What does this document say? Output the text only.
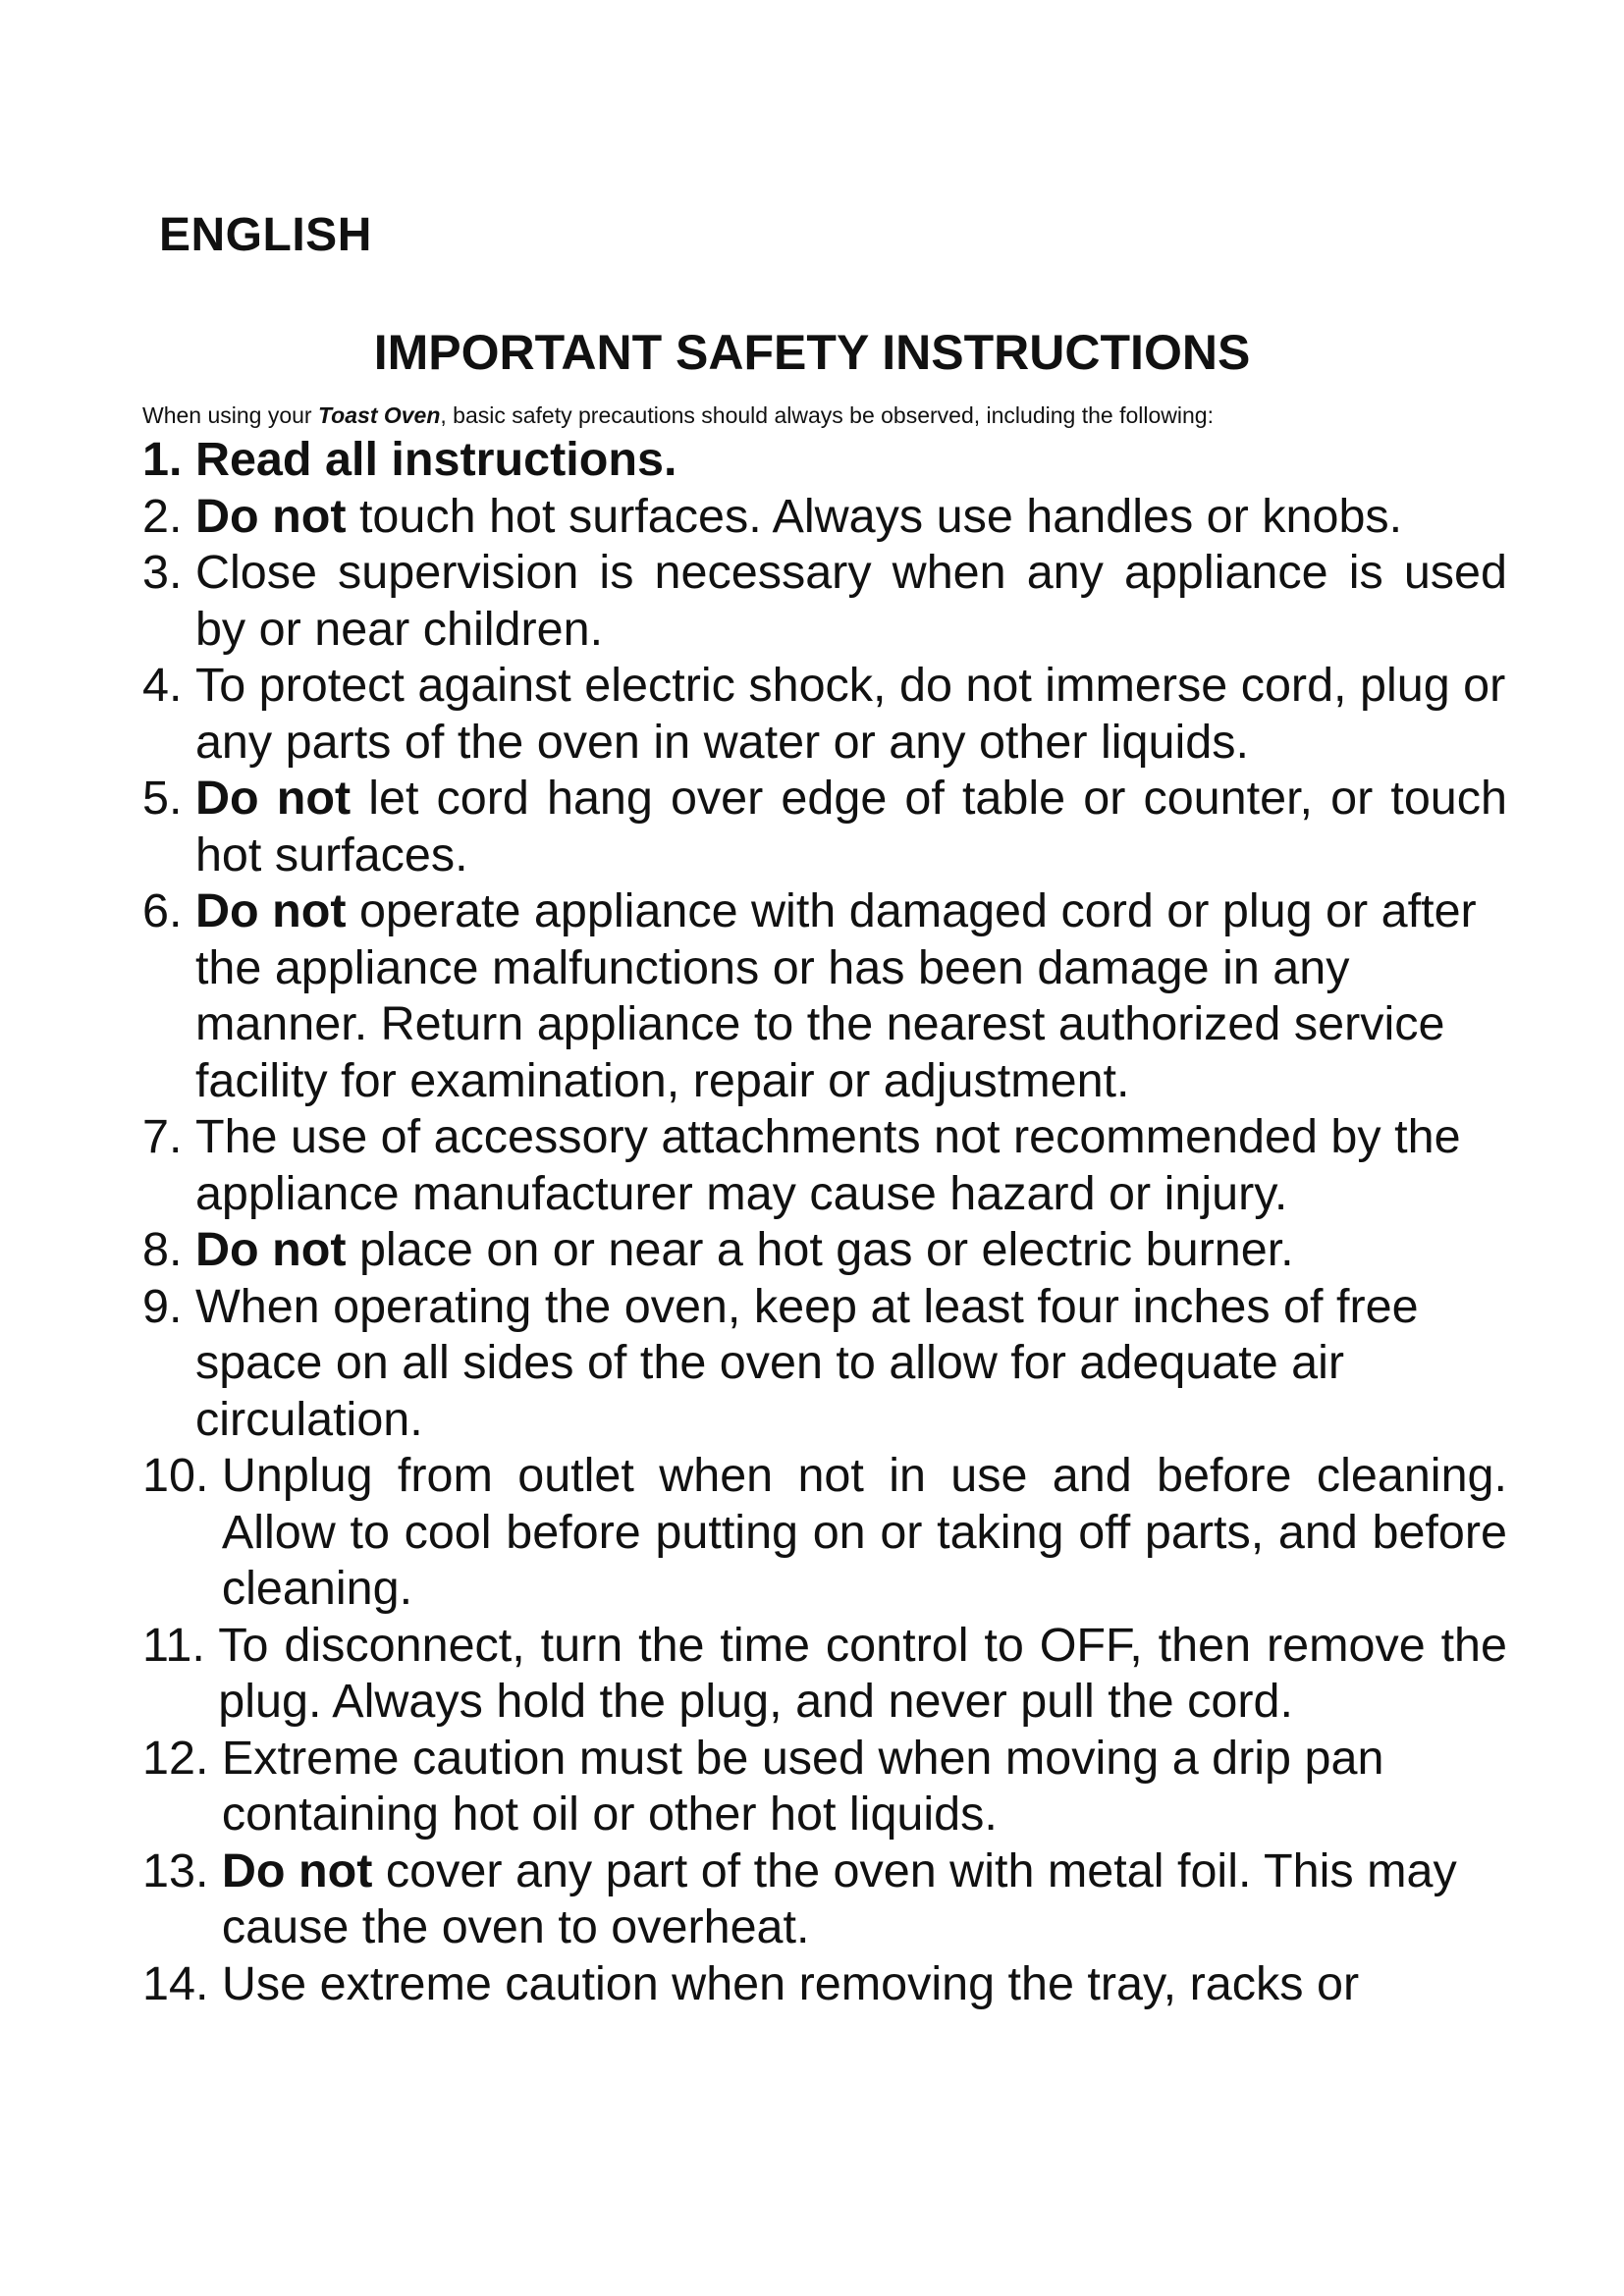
ENGLISH
IMPORTANT SAFETY INSTRUCTIONS

When using your Toast Oven, basic safety precautions should always be observed, including the following:

1. Read all instructions.
2. Do not touch hot surfaces. Always use handles or knobs.
3. Close supervision is necessary when any appliance is used by or near children.
4. To protect against electric shock, do not immerse cord, plug or any parts of the oven in water or any other liquids.
5. Do not let cord hang over edge of table or counter, or touch hot surfaces.
6. Do not operate appliance with damaged cord or plug or after the appliance malfunctions or has been damage in any manner. Return appliance to the nearest authorized service facility for examination, repair or adjustment.
7. The use of accessory attachments not recommended by the appliance manufacturer may cause hazard or injury.
8. Do not place on or near a hot gas or electric burner.
9. When operating the oven, keep at least four inches of free space on all sides of the oven to allow for adequate air circulation.
10. Unplug from outlet when not in use and before cleaning. Allow to cool before putting on or taking off parts, and before cleaning.
11. To disconnect, turn the time control to OFF, then remove the plug. Always hold the plug, and never pull the cord.
12. Extreme caution must be used when moving a drip pan containing hot oil or other hot liquids.
13. Do not cover any part of the oven with metal foil. This may cause the oven to overheat.
14. Use extreme caution when removing the tray, racks or
